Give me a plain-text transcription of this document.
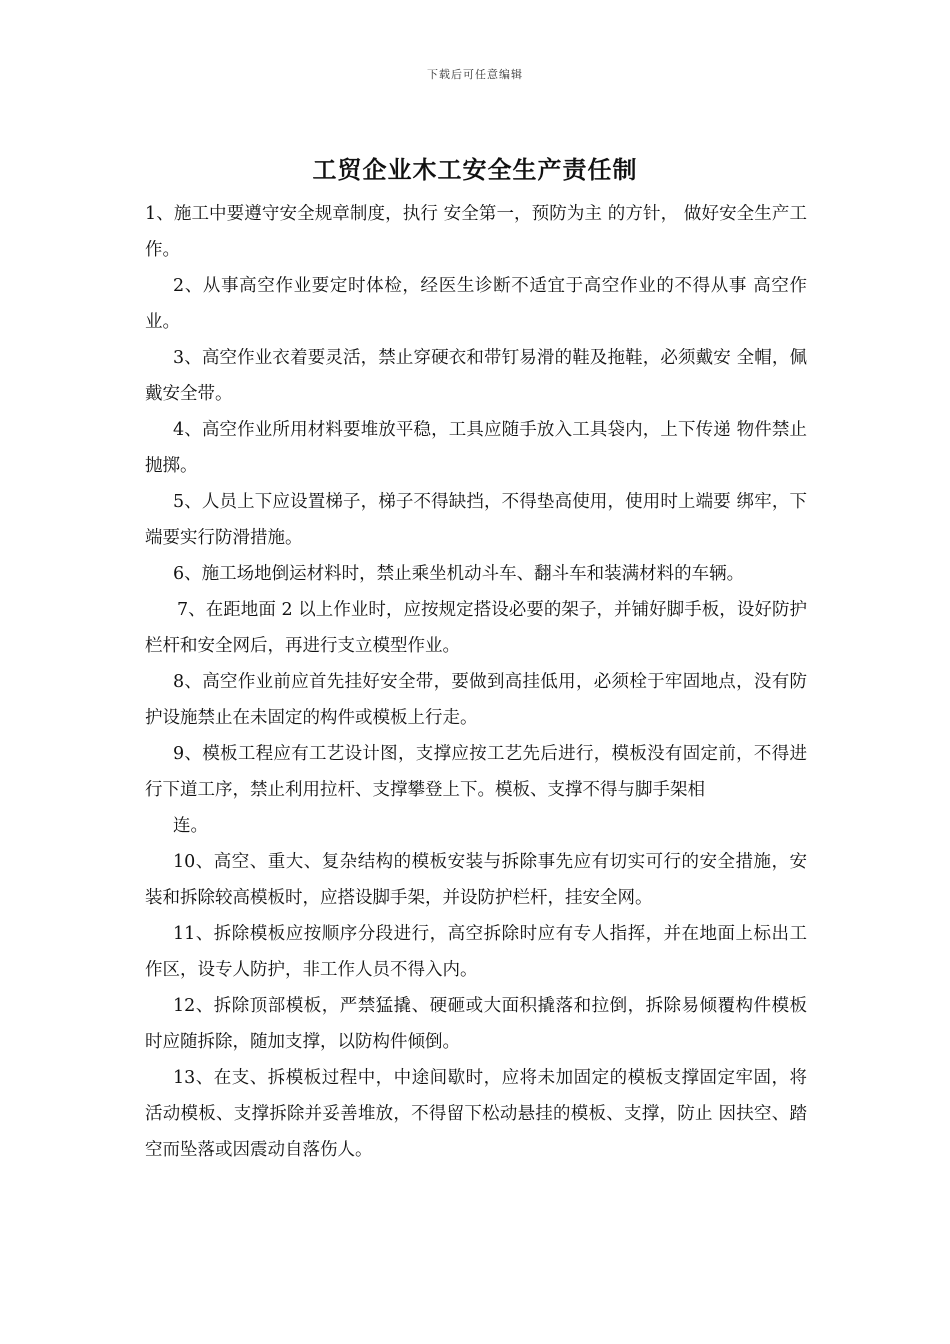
下载后可任意编辑
工贸企业木工安全生产责任制

1、施工中要遵守安全规章制度，执行 安全第一，预防为主 的方针， 做好安全生产工作。

2、从事高空作业要定时体检，经医生诊断不适宜于高空作业的不得从事 高空作业。

3、高空作业衣着要灵活，禁止穿硬衣和带钉易滑的鞋及拖鞋，必须戴安 全帽，佩戴安全带。

4、高空作业所用材料要堆放平稳，工具应随手放入工具袋内，上下传递 物件禁止抛掷。

5、人员上下应设置梯子，梯子不得缺挡，不得垫高使用，使用时上端要 绑牢，下端要实行防滑措施。

6、施工场地倒运材料时，禁止乘坐机动斗车、翻斗车和装满材料的车辆。

7、在距地面 2 以上作业时，应按规定搭设必要的架子，并铺好脚手板，设好防护栏杆和安全网后，再进行支立模型作业。

8、高空作业前应首先挂好安全带，要做到高挂低用，必须栓于牢固地点，没有防护设施禁止在未固定的构件或模板上行走。

9、模板工程应有工艺设计图，支撑应按工艺先后进行，模板没有固定前，不得进行下道工序，禁止利用拉杆、支撑攀登上下。模板、支撑不得与脚手架相

连。

10、高空、重大、复杂结构的模板安装与拆除事先应有切实可行的安全措施，安装和拆除较高模板时，应搭设脚手架，并设防护栏杆，挂安全网。

11、拆除模板应按顺序分段进行，高空拆除时应有专人指挥，并在地面上标出工作区，设专人防护，非工作人员不得入内。

12、拆除顶部模板，严禁猛撬、硬砸或大面积撬落和拉倒，拆除易倾覆构件模板时应随拆除，随加支撑，以防构件倾倒。

13、在支、拆模板过程中，中途间歇时，应将未加固定的模板支撑固定牢固，将活动模板、支撑拆除并妥善堆放，不得留下松动悬挂的模板、支撑，防止 因扶空、踏空而坠落或因震动自落伤人。
